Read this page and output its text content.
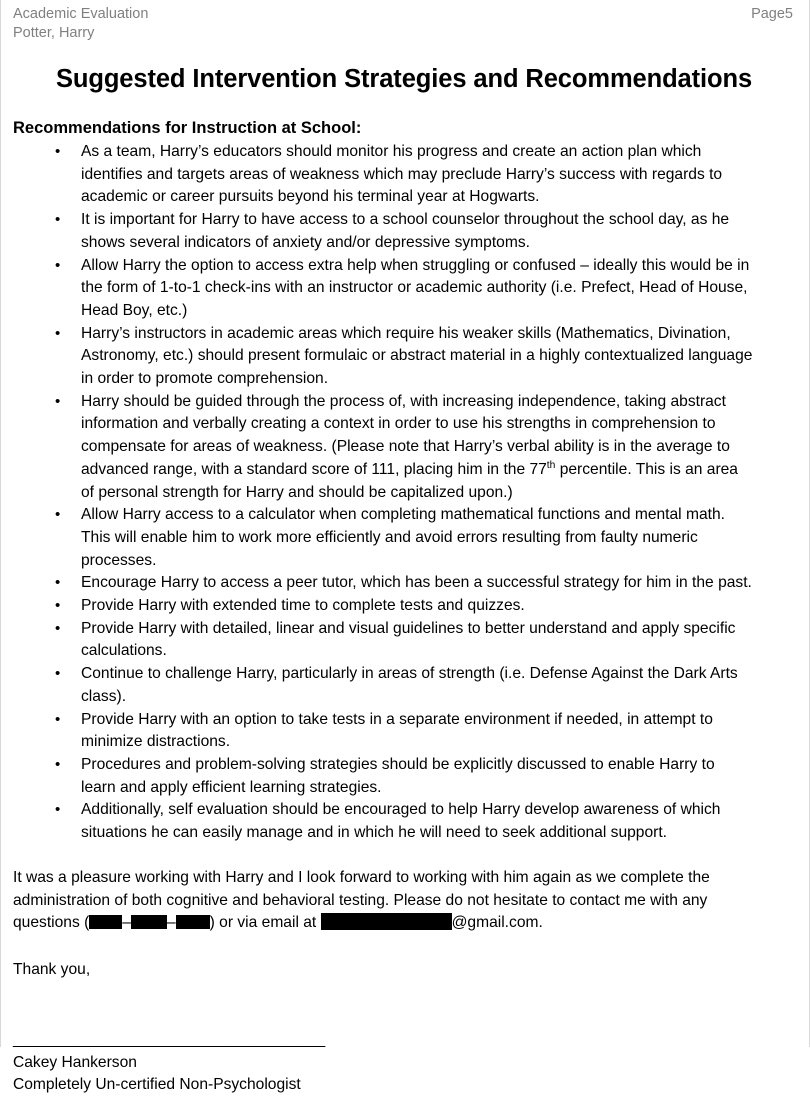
Academic Evaluation
Potter, Harry
Page5
Suggested Intervention Strategies and Recommendations
Recommendations for Instruction at School:
• As a team, Harry’s educators should monitor his progress and create an action plan which identifies and targets areas of weakness which may preclude Harry’s success with regards to academic or career pursuits beyond his terminal year at Hogwarts.
• It is important for Harry to have access to a school counselor throughout the school day, as he shows several indicators of anxiety and/or depressive symptoms.
• Allow Harry the option to access extra help when struggling or confused – ideally this would be in the form of 1-to-1 check-ins with an instructor or academic authority (i.e. Prefect, Head of House, Head Boy, etc.)
• Harry’s instructors in academic areas which require his weaker skills (Mathematics, Divination, Astronomy, etc.) should present formulaic or abstract material in a highly contextualized language in order to promote comprehension.
• Harry should be guided through the process of, with increasing independence, taking abstract information and verbally creating a context in order to use his strengths in comprehension to compensate for areas of weakness. (Please note that Harry’s verbal ability is in the average to advanced range, with a standard score of 111, placing him in the 77th percentile. This is an area of personal strength for Harry and should be capitalized upon.)
• Allow Harry access to a calculator when completing mathematical functions and mental math. This will enable him to work more efficiently and avoid errors resulting from faulty numeric processes.
• Encourage Harry to access a peer tutor, which has been a successful strategy for him in the past.
• Provide Harry with extended time to complete tests and quizzes.
• Provide Harry with detailed, linear and visual guidelines to better understand and apply specific calculations.
• Continue to challenge Harry, particularly in areas of strength (i.e. Defense Against the Dark Arts class).
• Provide Harry with an option to take tests in a separate environment if needed, in attempt to minimize distractions.
• Procedures and problem-solving strategies should be explicitly discussed to enable Harry to learn and apply efficient learning strategies.
• Additionally, self evaluation should be encouraged to help Harry develop awareness of which situations he can easily manage and in which he will need to seek additional support.

It was a pleasure working with Harry and I look forward to working with him again as we complete the administration of both cognitive and behavioral testing. Please do not hesitate to contact me with any questions ( – – ) or via email at	@gmail.com.

Thank you,

____________________________________
Cakey Hankerson
Completely Un-certified Non-Psychologist
